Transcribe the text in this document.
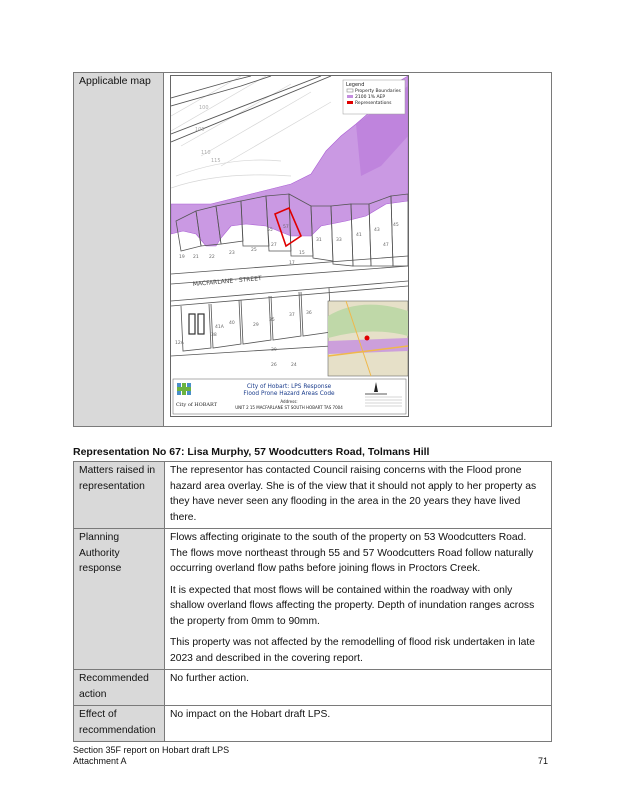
Applicable map
100
105
110
115
MACFARLANE · STREET
22
23
25
27
55
57
31	33
21
41
43
45
19
15
17
47
29
37
40
38
41A
35
36
39
24
26
12A
Legend
Property Boundaries
2100 1% AEP
Representations
City of HOBART
City of Hobart: LPS Response
Flood Prone Hazard Areas Code
Address:
UNIT 2 15 MACFARLANE ST SOUTH HOBART TAS 7004
Representation No 67: Lisa Murphy, 57 Woodcutters Road, Tolmans Hill
Matters raised in representation	The representor has contacted Council raising concerns with the Flood prone hazard area overlay. She is of the view that it should not apply to her property as they have never seen any flooding in the area in the 20 years they have lived there.

Planning Authority response	Flows affecting originate to the south of the property on 53 Woodcutters Road. The flows move northeast through 55 and 57 Woodcutters Road follow naturally occurring overland flow paths before joining flows in Proctors Creek.

It is expected that most flows will be contained within the roadway with only shallow overland flows affecting the property. Depth of inundation ranges across the property from 0mm to 90mm.

This property was not affected by the remodelling of flood risk undertaken in late 2023 and described in the covering report.

Recommended action	No further action.

Effect of recommendation	No impact on the Hobart draft LPS.

Section 35F report on Hobart draft LPS
Attachment A	71
